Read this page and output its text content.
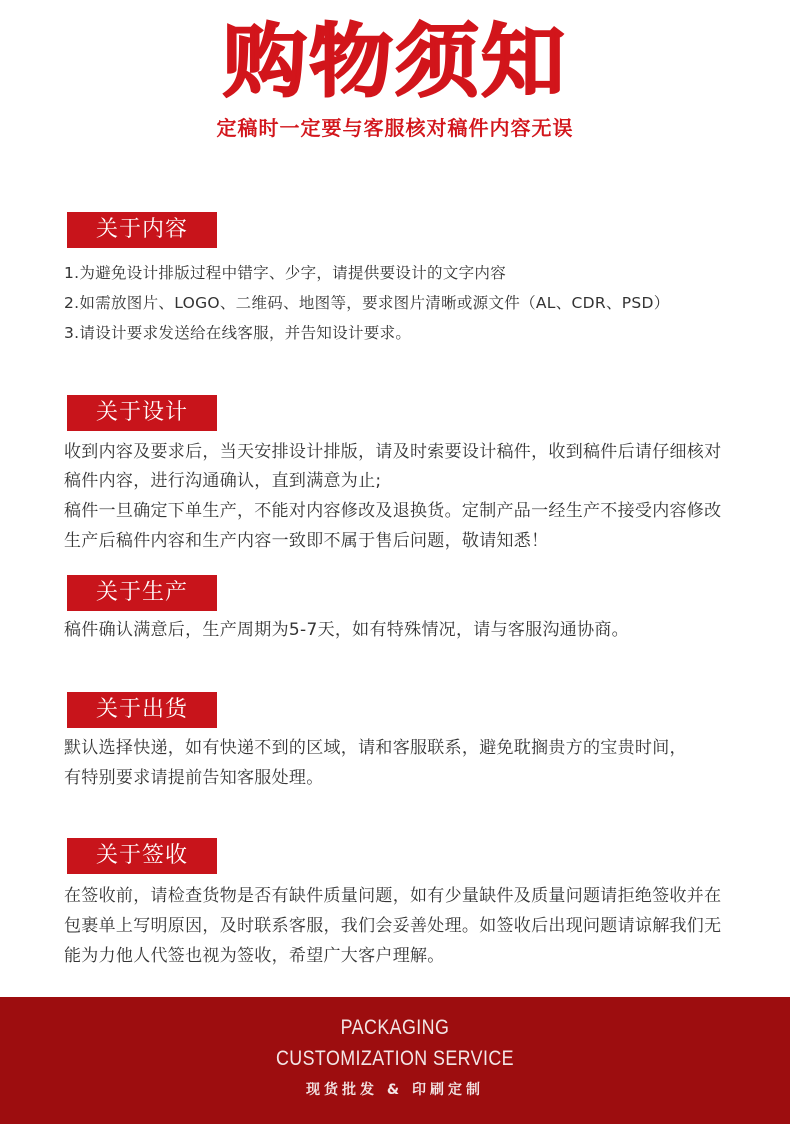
购物须知
定稿时一定要与客服核对稿件内容无误
关于内容
1.为避免设计排版过程中错字、少字，请提供要设计的文字内容
2.如需放图片、LOGO、二维码、地图等，要求图片清晰或源文件（AL、CDR、PSD）
3.请设计要求发送给在线客服，并告知设计要求。
关于设计
收到内容及要求后，当天安排设计排版，请及时索要设计稿件，收到稿件后请仔细核对
稿件内容，进行沟通确认，直到满意为止;
稿件一旦确定下单生产，不能对内容修改及退换货。定制产品一经生产不接受内容修改
生产后稿件内容和生产内容一致即不属于售后问题，敬请知悉！
关于生产
稿件确认满意后，生产周期为5-7天，如有特殊情况，请与客服沟通协商。
关于出货
默认选择快递，如有快递不到的区域，请和客服联系，避免耽搁贵方的宝贵时间，
有特别要求请提前告知客服处理。
关于签收
在签收前，请检查货物是否有缺件质量问题，如有少量缺件及质量问题请拒绝签收并在
包裹单上写明原因，及时联系客服，我们会妥善处理。如签收后出现问题请谅解我们无
能为力他人代签也视为签收，希望广大客户理解。
PACKAGING
CUSTOMIZATION SERVICE
现货批发 & 印刷定制
